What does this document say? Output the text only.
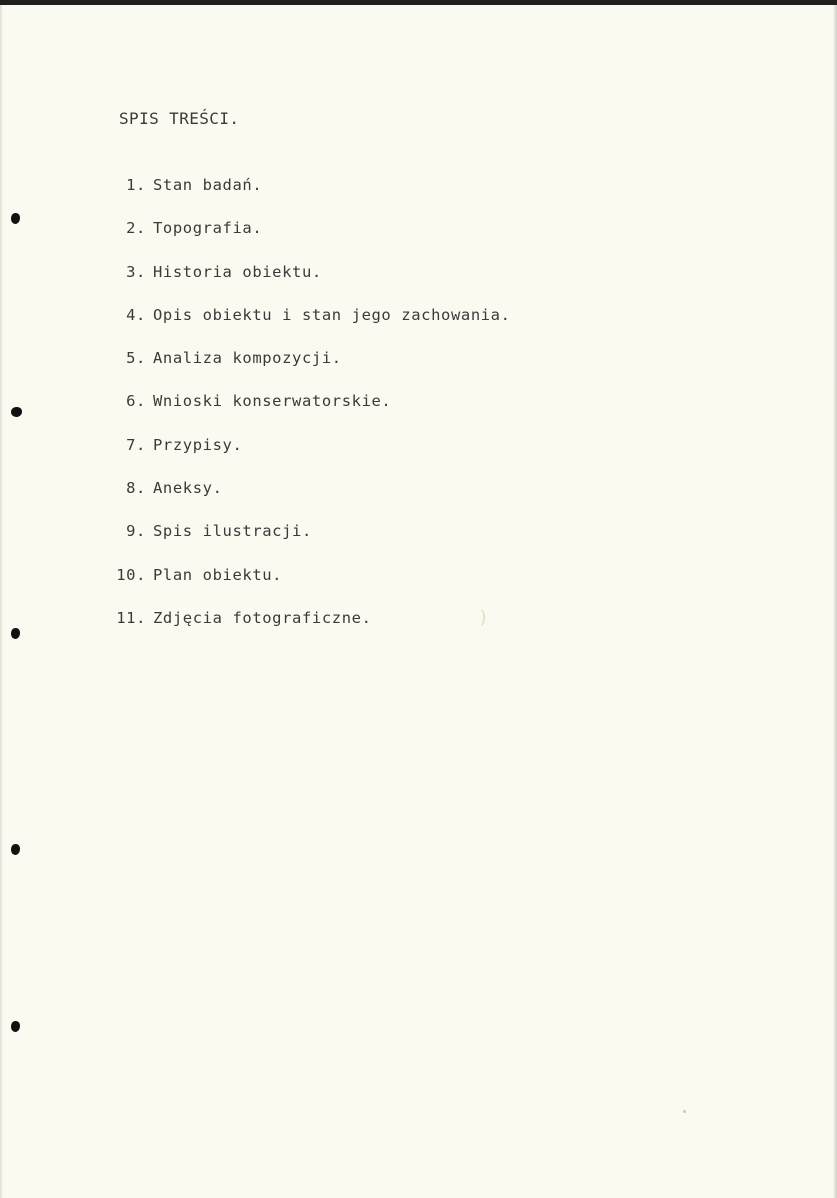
)
SPIS TREŚCI.
1. Stan badań.
2. Topografia.
3. Historia obiektu.
4. Opis obiektu i stan jego zachowania.
5. Analiza kompozycji.
6. Wnioski konserwatorskie.
7. Przypisy.
8. Aneksy.
9. Spis ilustracji.
10. Plan obiektu.
11. Zdjęcia fotograficzne.
